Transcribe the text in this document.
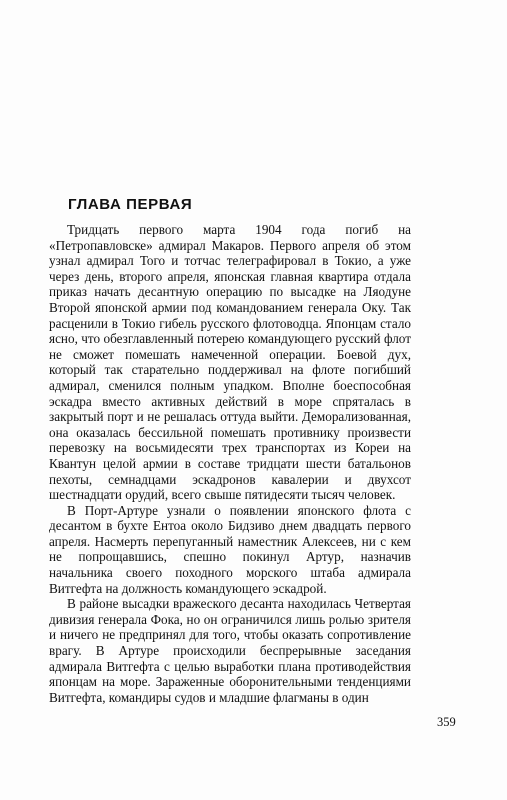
ГЛАВА ПЕРВАЯ

Тридцать первого марта 1904 года погиб на «Петропавловске» адмирал Макаров. Первого апреля об этом узнал адмирал Того и тотчас телеграфировал в Токио, а уже через день, второго апреля, японская главная квартира отдала приказ начать десантную операцию по высадке на Ляодуне Второй японской армии под командованием генерала Оку. Так расценили в Токио гибель русского флотоводца. Японцам стало ясно, что обезглавленный потерею командующего русский флот не сможет помешать намеченной операции. Боевой дух, который так старательно поддерживал на флоте погибший адмирал, сменился полным упадком. Вполне боеспособная эскадра вместо активных действий в море спряталась в закрытый порт и не решалась оттуда выйти. Деморализованная, она оказалась бессильной помешать противнику произвести перевозку на восьмидесяти трех транспортах из Кореи на Квантун целой армии в составе тридцати шести батальонов пехоты, семнадцами эскадронов кавалерии и двухсот шестнадцати орудий, всего свыше пятидесяти тысяч человек.

В Порт-Артуре узнали о появлении японского флота с десантом в бухте Ентоа около Бидзиво днем двадцать первого апреля. Насмерть перепуганный наместник Алексеев, ни с кем не попрощавшись, спешно покинул Артур, назначив начальника своего походного морского штаба адмирала Витгефта на должность командующего эскадрой.

В районе высадки вражеского десанта находилась Четвертая дивизия генерала Фока, но он ограничился лишь ролью зрителя и ничего не предпринял для того, чтобы оказать сопротивление врагу. В Артуре происходили беспрерывные заседания адмирала Витгефта с целью выработки плана противодействия японцам на море. Зараженные оборонительными тенденциями Витгефта, командиры судов и младшие флагманы в один

359
